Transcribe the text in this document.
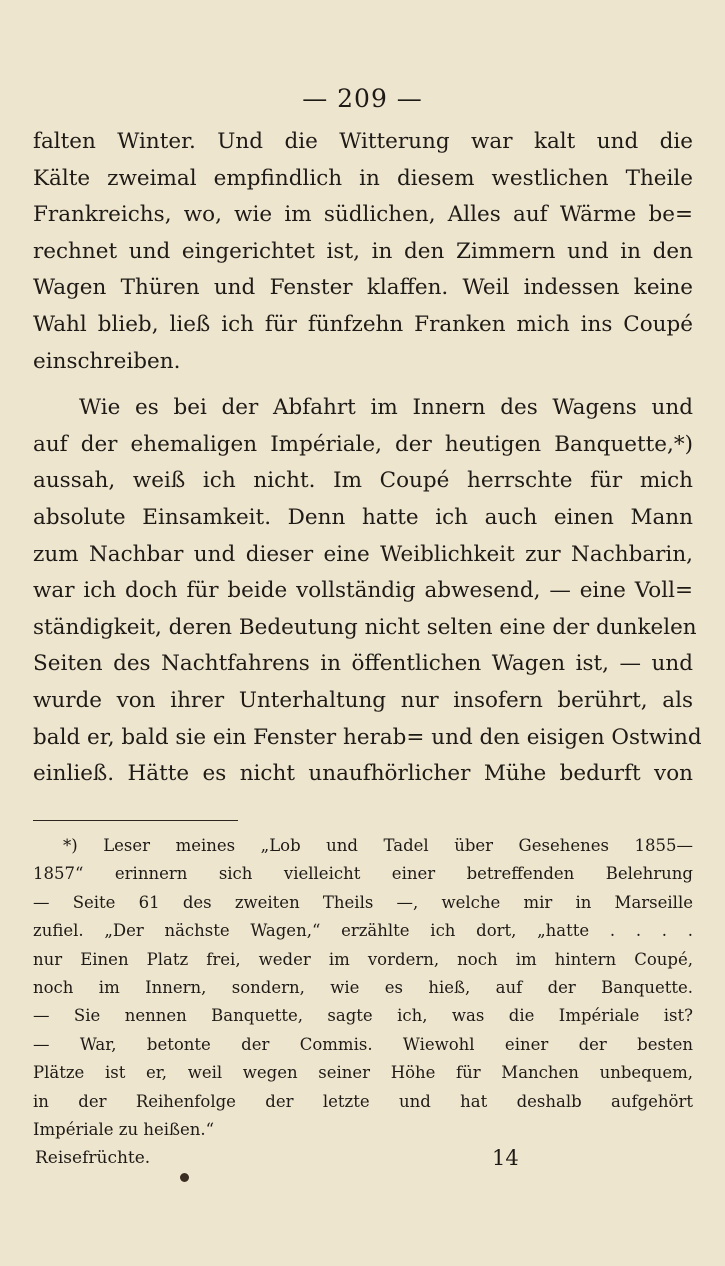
— 209 —
falten Winter. Und die Witterung war kalt und die
Kälte zweimal empfindlich in diesem westlichen Theile
Frankreichs, wo, wie im südlichen, Alles auf Wärme be=
rechnet und eingerichtet ist, in den Zimmern und in den
Wagen Thüren und Fenster klaffen. Weil indessen keine
Wahl blieb, ließ ich für fünfzehn Franken mich ins Coupé
einschreiben.
Wie es bei der Abfahrt im Innern des Wagens und
auf der ehemaligen Impériale, der heutigen Banquette,*)
aussah, weiß ich nicht. Im Coupé herrschte für mich
absolute Einsamkeit. Denn hatte ich auch einen Mann
zum Nachbar und dieser eine Weiblichkeit zur Nachbarin,
war ich doch für beide vollständig abwesend, — eine Voll=
ständigkeit, deren Bedeutung nicht selten eine der dunkelen
Seiten des Nachtfahrens in öffentlichen Wagen ist, — und
wurde von ihrer Unterhaltung nur insofern berührt, als
bald er, bald sie ein Fenster herab= und den eisigen Ostwind
einließ. Hätte es nicht unaufhörlicher Mühe bedurft von
*) Leser meines „Lob und Tadel über Gesehenes 1855—
1857“ erinnern sich vielleicht einer betreffenden Belehrung
— Seite 61 des zweiten Theils —, welche mir in Marseille
zufiel. „Der nächste Wagen,“ erzählte ich dort, „hatte . . . .
nur Einen Platz frei, weder im vordern, noch im hintern Coupé,
noch im Innern, sondern, wie es hieß, auf der Banquette.
— Sie nennen Banquette, sagte ich, was die Impériale ist?
— War, betonte der Commis. Wiewohl einer der besten
Plätze ist er, weil wegen seiner Höhe für Manchen unbequem,
in der Reihenfolge der letzte und hat deshalb aufgehört
Impériale zu heißen.“
Reisefrüchte.	14
